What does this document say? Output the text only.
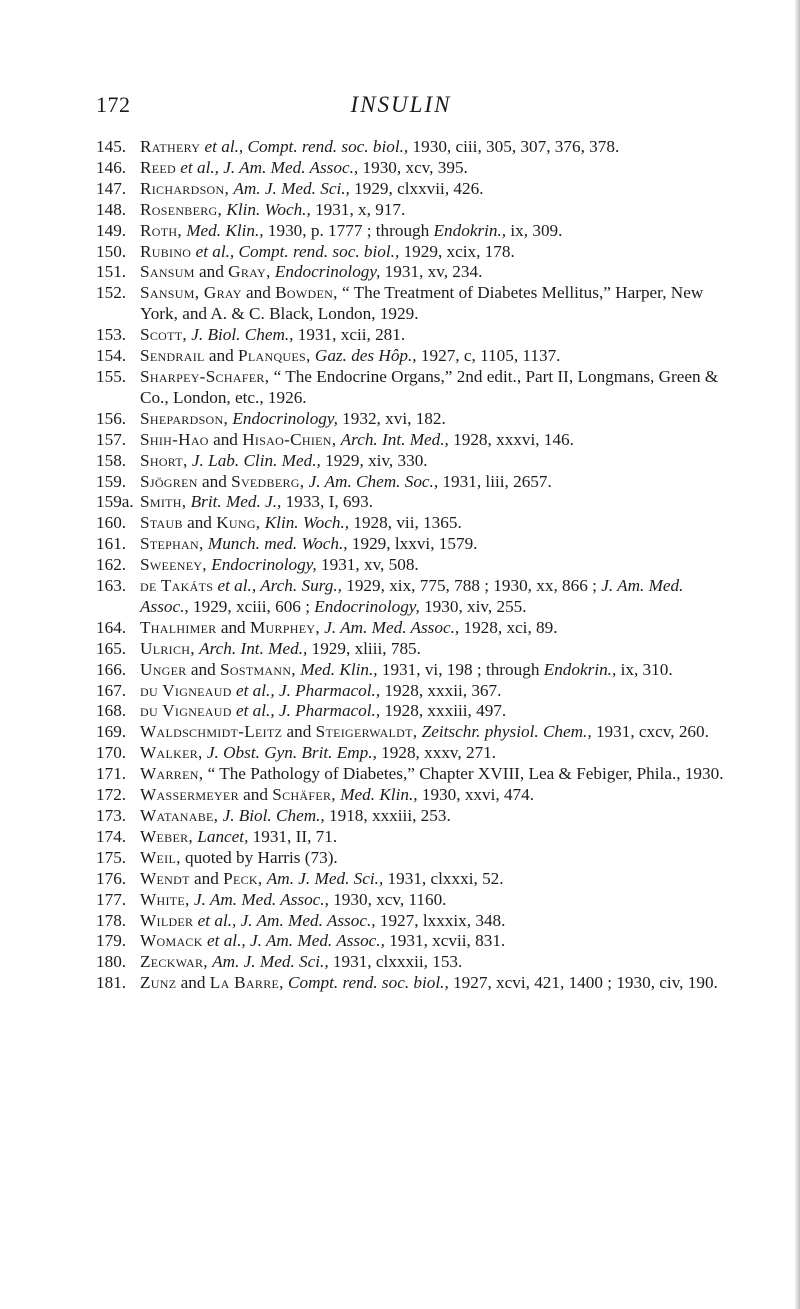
172	INSULIN
145. Rathery et al., Compt. rend. soc. biol., 1930, ciii, 305, 307, 376, 378.
146. Reed et al., J. Am. Med. Assoc., 1930, xcv, 395.
147. Richardson, Am. J. Med. Sci., 1929, clxxvii, 426.
148. Rosenberg, Klin. Woch., 1931, x, 917.
149. Roth, Med. Klin., 1930, p. 1777 ; through Endokrin., ix, 309.
150. Rubino et al., Compt. rend. soc. biol., 1929, xcix, 178.
151. Sansum and Gray, Endocrinology, 1931, xv, 234.
152. Sansum, Gray and Bowden, “ The Treatment of Diabetes Mellitus,” Harper, New York, and A. & C. Black, London, 1929.
153. Scott, J. Biol. Chem., 1931, xcii, 281.
154. Sendrail and Planques, Gaz. des Hôp., 1927, c, 1105, 1137.
155. Sharpey-Schafer, “ The Endocrine Organs,” 2nd edit., Part II, Longmans, Green & Co., London, etc., 1926.
156. Shepardson, Endocrinology, 1932, xvi, 182.
157. Shih-Hao and Hisao-Chien, Arch. Int. Med., 1928, xxxvi, 146.
158. Short, J. Lab. Clin. Med., 1929, xiv, 330.
159. Sjögren and Svedberg, J. Am. Chem. Soc., 1931, liii, 2657.
159a. Smith, Brit. Med. J., 1933, I, 693.
160. Staub and Kung, Klin. Woch., 1928, vii, 1365.
161. Stephan, Munch. med. Woch., 1929, lxxvi, 1579.
162. Sweeney, Endocrinology, 1931, xv, 508.
163. de Takáts et al., Arch. Surg., 1929, xix, 775, 788 ; 1930, xx, 866 ; J. Am. Med. Assoc., 1929, xciii, 606 ; Endocrinology, 1930, xiv, 255.
164. Thalhimer and Murphey, J. Am. Med. Assoc., 1928, xci, 89.
165. Ulrich, Arch. Int. Med., 1929, xliii, 785.
166. Unger and Sostmann, Med. Klin., 1931, vi, 198 ; through Endokrin., ix, 310.
167. du Vigneaud et al., J. Pharmacol., 1928, xxxii, 367.
168. du Vigneaud et al., J. Pharmacol., 1928, xxxiii, 497.
169. Waldschmidt-Leitz and Steigerwaldt, Zeitschr. physiol. Chem., 1931, cxcv, 260.
170. Walker, J. Obst. Gyn. Brit. Emp., 1928, xxxv, 271.
171. Warren, “ The Pathology of Diabetes,” Chapter XVIII, Lea & Febiger, Phila., 1930.
172. Wassermeyer and Schäfer, Med. Klin., 1930, xxvi, 474.
173. Watanabe, J. Biol. Chem., 1918, xxxiii, 253.
174. Weber, Lancet, 1931, II, 71.
175. Weil, quoted by Harris (73).
176. Wendt and Peck, Am. J. Med. Sci., 1931, clxxxi, 52.
177. White, J. Am. Med. Assoc., 1930, xcv, 1160.
178. Wilder et al., J. Am. Med. Assoc., 1927, lxxxix, 348.
179. Womack et al., J. Am. Med. Assoc., 1931, xcvii, 831.
180. Zeckwar, Am. J. Med. Sci., 1931, clxxxii, 153.
181. Zunz and La Barre, Compt. rend. soc. biol., 1927, xcvi, 421, 1400 ; 1930, civ, 190.
